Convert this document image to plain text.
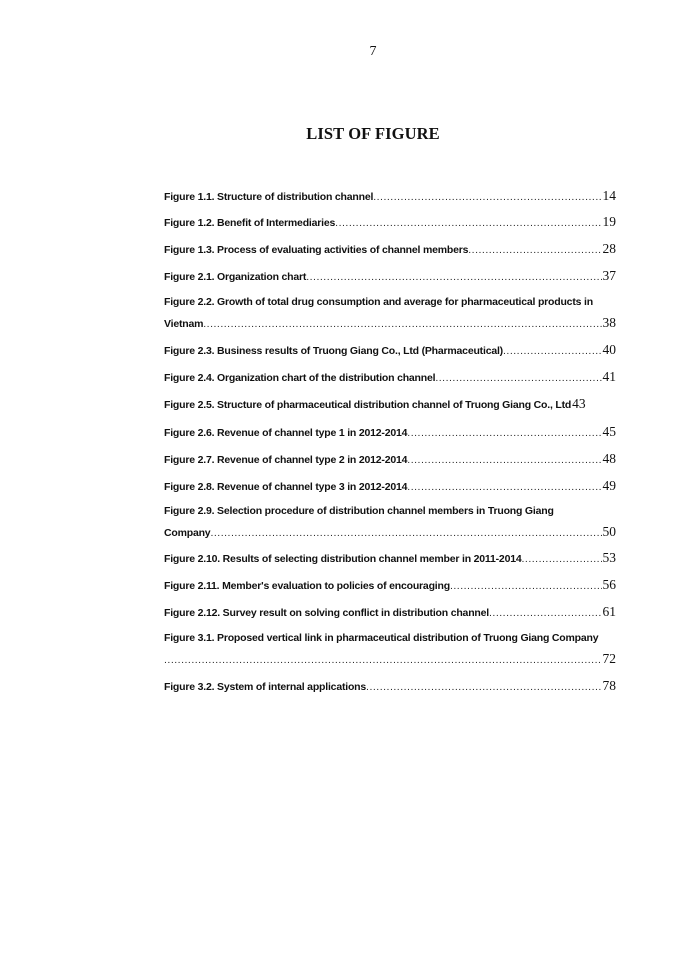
7
LIST OF FIGURE
Figure 1.1. Structure of distribution channel .....	14
Figure 1.2. Benefit of Intermediaries .....	19
Figure 1.3. Process of evaluating activities of channel members .....	28
Figure 2.1. Organization chart .....	37
Figure 2.2. Growth of total drug consumption and average for pharmaceutical products in
Vietnam .....	38
Figure 2.3. Business results of Truong Giang Co., Ltd (Pharmaceutical) .....	40
Figure 2.4. Organization chart of the distribution channel .....	41
Figure 2.5. Structure of pharmaceutical distribution channel of Truong Giang Co., Ltd 43
Figure 2.6. Revenue of channel type 1 in 2012-2014 .....	45
Figure 2.7. Revenue of channel type 2 in 2012-2014 .....	48
Figure 2.8. Revenue of channel type 3 in 2012-2014 .....	49
Figure 2.9. Selection procedure of distribution channel members in Truong Giang
Company .....	50
Figure 2.10. Results of selecting distribution channel member in 2011-2014 .....	53
Figure 2.11. Member's evaluation to policies of encouraging .....	56
Figure 2.12. Survey result on solving conflict in distribution channel .....	61
Figure 3.1. Proposed vertical link in pharmaceutical distribution of Truong Giang Company
.....
72
Figure 3.2. System of internal applications .....	78
